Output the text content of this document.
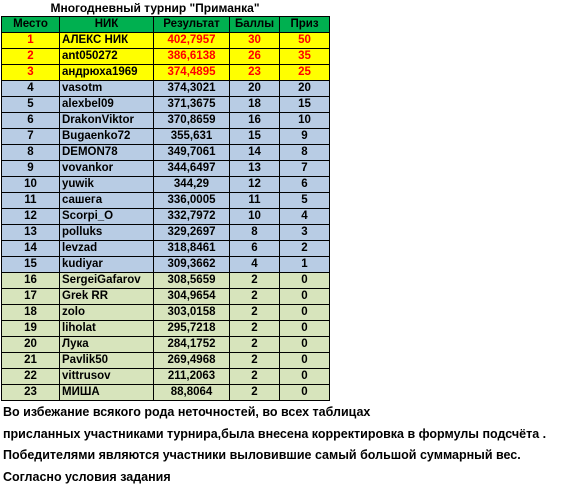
Многодневный турнир "Приманка"
Место	НИК	Результат	Баллы	Приз
1	АЛЕКС НИК	402,7957	30	50
2	ant050272	386,6138	26	35
3	андрюха1969	374,4895	23	25
4	vasotm	374,3021	20	20
5	alexbel09	371,3675	18	15
6	DrakonViktor	370,8659	16	10
7	Bugaenko72	355,631	15	9
8	DEMON78	349,7061	14	8
9	vovankor	344,6497	13	7
10	yuwik	344,29	12	6
11	сашега	336,0005	11	5
12	Scorpi_O	332,7972	10	4
13	polluks	329,2697	8	3
14	levzad	318,8461	6	2
15	kudiyar	309,3662	4	1
16	SergeiGafarov	308,5659	2	0
17	Grek RR	304,9654	2	0
18	zolo	303,0158	2	0
19	liholat	295,7218	2	0
20	Лука	284,1752	2	0
21	Pavlik50	269,4968	2	0
22	vittrusov	211,2063	2	0
23	МИША	88,8064	2	0
Во избежание всякого рода неточностей, во всех таблицах
присланных участниками турнира,была внесена корректировка в формулы подсчёта .
Победителями являются участники выловившие самый большой суммарный вес.
Согласно условия задания
